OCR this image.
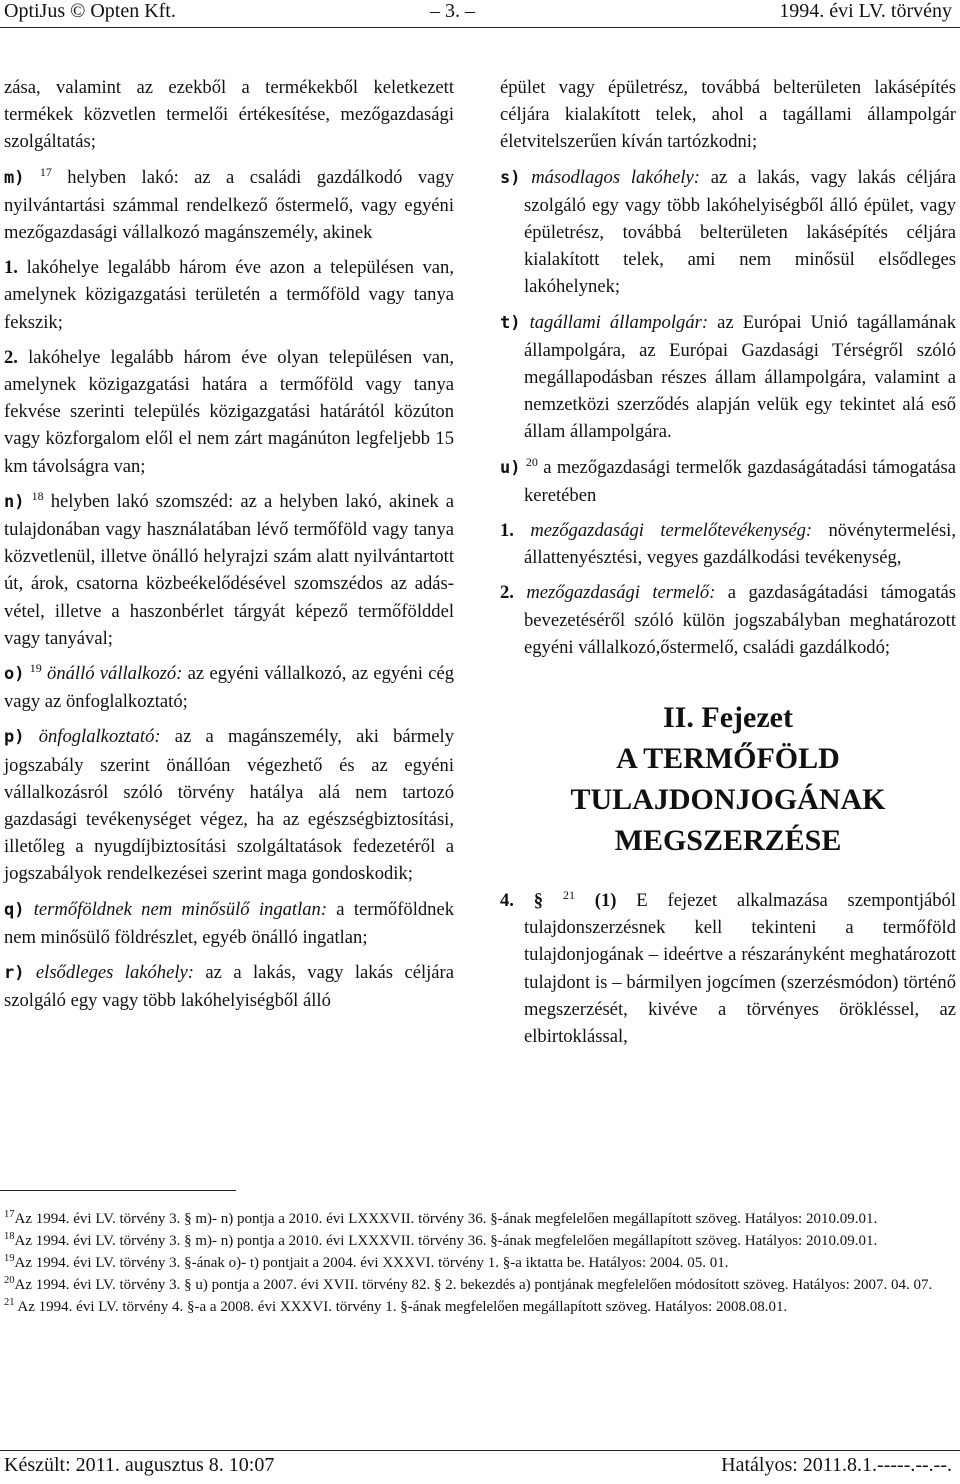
OptiJus © Opten Kft.	– 3. –	1994. évi LV. törvény

zása, valamint az ezekből a termékekből keletkezett termékek közvetlen termelői értékesítése, mezőgazdasági szolgáltatás;

m) $^{17}$ helyben lakó: az a családi gazdálkodó vagy nyilvántartási számmal rendelkező őstermelő, vagy egyéni mezőgazdasági vállalkozó magánszemély, akinek

1. lakóhelye legalább három éve azon a településen van, amelynek közigazgatási területén a termőföld vagy tanya fekszik;

2. lakóhelye legalább három éve olyan településen van, amelynek közigazgatási határa a termőföld vagy tanya fekvése szerinti település közigazgatási határától közúton vagy közforgalom elől el nem zárt magánúton legfeljebb 15 km távolságra van;

n) $^{18}$ helyben lakó szomszéd: az a helyben lakó, akinek a tulajdonában vagy használatában lévő termőföld vagy tanya közvetlenül, illetve önálló helyrajzi szám alatt nyilvántartott út, árok, csatorna közbeékelődésével szomszédos az adásvétel, illetve a haszonbérlet tárgyát képező termőfölddel vagy tanyával;

o) $^{19}$ önálló vállalkozó: az egyéni vállalkozó, az egyéni cég vagy az önfoglalkoztató;

p) önfoglalkoztató: az a magánszemély, aki bármely jogszabály szerint önállóan végezhető és az egyéni vállalkozásról szóló törvény hatálya alá nem tartozó gazdasági tevékenységet végez, ha az egészségbiztosítási, illetőleg a nyugdíjbiztosítási szolgáltatások fedezetéről a jogszabályok rendelkezései szerint maga gondoskodik;

q) termőföldnek nem minősülő ingatlan: a termőföldnek nem minősülő földrészlet, egyéb önálló ingatlan;

r) elsődleges lakóhely: az a lakás, vagy lakás céljára szolgáló egy vagy több lakóhelyiségből álló

épület vagy épületrész, továbbá belterületen lakásépítés céljára kialakított telek, ahol a tagállami állampolgár életvitelszerűen kíván tartózkodni;

s) másodlagos lakóhely: az a lakás, vagy lakás céljára szolgáló egy vagy több lakóhelyiségből álló épület, vagy épületrész, továbbá belterületen lakásépítés céljára kialakított telek, ami nem minősül elsődleges lakóhelynek;

t) tagállami állampolgár: az Európai Unió tagállamának állampolgára, az Európai Gazdasági Térségről szóló megállapodásban részes állam állampolgára, valamint a nemzetközi szerződés alapján velük egy tekintet alá eső állam állampolgára.

u) $^{20}$ a mezőgazdasági termelők gazdaságátadási támogatása keretében

1. mezőgazdasági termelőtevékenység: növénytermelési, állattenyésztési, vegyes gazdálkodási tevékenység,

2. mezőgazdasági termelő: a gazdaságátadási támogatás bevezetéséről szóló külön jogszabályban meghatározott egyéni vállalkozó,őstermelő, családi gazdálkodó;

II. Fejezet
A TERMŐFÖLD
TULAJDONJOGÁNAK
MEGSZERZÉSE

4. § $^{21}$ (1) E fejezet alkalmazása szempontjából tulajdonszerzésnek kell tekinteni a termőföld tulajdonjogának – ideértve a részarányként meghatározott tulajdont is – bármilyen jogcímen (szerzésmódon) történő megszerzését, kivéve a törvényes örökléssel, az elbirtoklással,

$^{17}$Az 1994. évi LV. törvény 3. § m)- n) pontja a 2010. évi LXXXVII. törvény 36. §-ának megfelelően megállapított szöveg. Hatályos: 2010.09.01.

$^{18}$Az 1994. évi LV. törvény 3. § m)- n) pontja a 2010. évi LXXXVII. törvény 36. §-ának megfelelően megállapított szöveg. Hatályos: 2010.09.01.

$^{19}$Az 1994. évi LV. törvény 3. §-ának o)- t) pontjait a 2004. évi XXXVI. törvény 1. §-a iktatta be. Hatályos: 2004. 05. 01.

$^{20}$Az 1994. évi LV. törvény 3. § u) pontja a 2007. évi XVII. törvény 82. § 2. bekezdés a) pontjának megfelelően módosított szöveg. Hatályos: 2007. 04. 07.

$^{21}$ Az 1994. évi LV. törvény 4. §-a a 2008. évi XXXVI. törvény 1. §-ának megfelelően megállapított szöveg. Hatályos: 2008.08.01.

Készült: 2011. augusztus 8. 10:07	Hatályos: 2011.8.1.-----.--.--.
